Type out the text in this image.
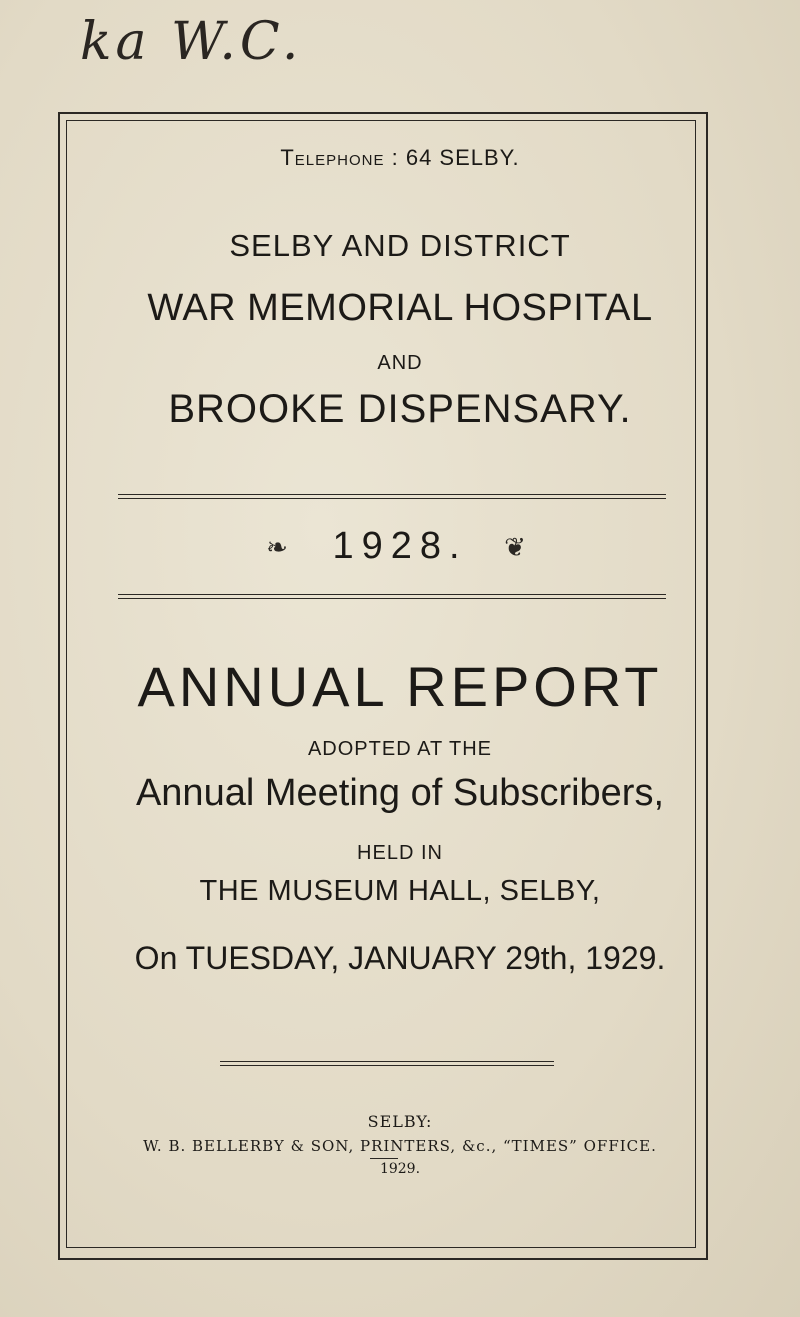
ka W.C.
Telephone : 64 SELBY.
SELBY AND DISTRICT
WAR MEMORIAL HOSPITAL
AND
BROOKE DISPENSARY.
❧ 1928. ❦
ANNUAL REPORT
ADOPTED AT THE
Annual Meeting of Subscribers,
HELD IN
THE MUSEUM HALL, SELBY,
On TUESDAY, JANUARY 29th, 1929.
SELBY:
W. B. BELLERBY & SON, PRINTERS, &c., “TIMES” OFFICE.
1929.
